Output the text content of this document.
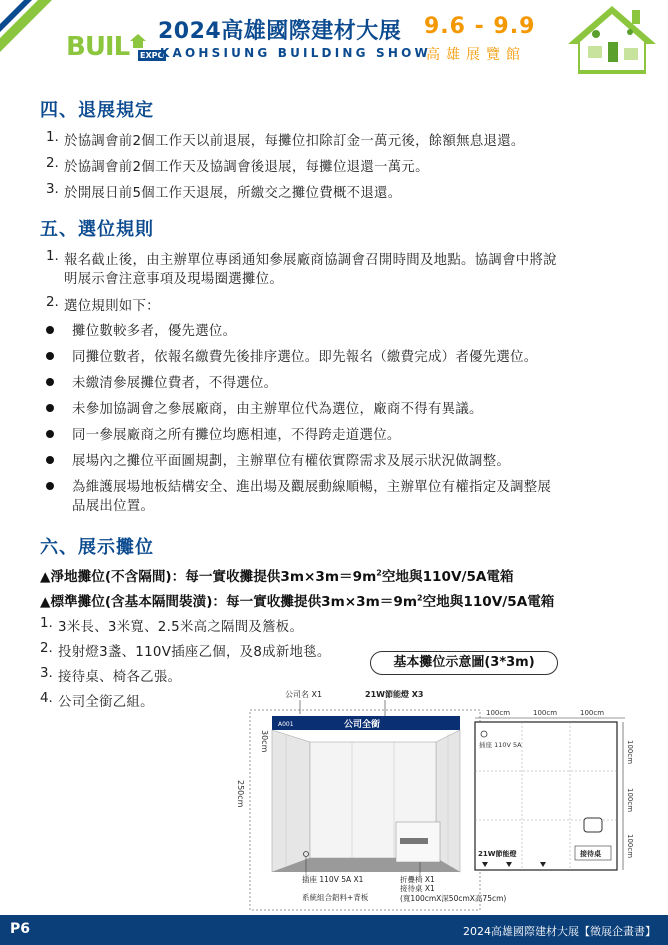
BUIL EXPO
2024高雄國際建材大展
KAOHSIUNG BUILDING SHOW
9.6 - 9.9
高雄展覽館
四、退展規定
1. 於協調會前2個工作天以前退展，每攤位扣除訂金一萬元後，餘額無息退還。
2. 於協調會前2個工作天及協調會後退展，每攤位退還一萬元。
3. 於開展日前5個工作天退展，所繳交之攤位費概不退還。
五、選位規則
1. 報名截止後，由主辦單位專函通知參展廠商協調會召開時間及地點。協調會中將說
明展示會注意事項及現場圈選攤位。
2. 選位規則如下：
攤位數較多者，優先選位。
同攤位數者，依報名繳費先後排序選位。即先報名（繳費完成）者優先選位。
未繳清參展攤位費者，不得選位。
未參加協調會之參展廠商，由主辦單位代為選位，廠商不得有異議。
同一參展廠商之所有攤位均應相連，不得跨走道選位。
展場內之攤位平面圖規劃，主辦單位有權依實際需求及展示狀況做調整。
為維護展場地板結構安全、進出場及觀展動線順暢，主辦單位有權指定及調整展
品展出位置。
六、展示攤位
▲淨地攤位(不含隔間)：每一實收攤提供$3m\times 3m=9m^2$空地與110V/5A電箱
▲標準攤位(含基本隔間裝潢)：每一實收攤提供$3m\times 3m=9m^2$空地與110V/5A電箱
1. 3米長、3米寬、2.5米高之隔間及簷板。
2. 投射燈3盞、110V插座乙個，及8成新地毯。
3. 接待桌、椅各乙張。
4. 公司全銜乙組。
基本攤位示意圖(3*3m)
公司名 X1	21W節能燈 X3
30cm
250cm
A001	公司全銜
插座 110V 5A X1
系統組合鋁料+背板
折疊椅 X1
接待桌 X1
(寬100cmX深50cmX高75cm)
100cm	100cm	100cm
100cm
100cm
100cm
插座 110V 5A
21W節能燈	接待桌
P6	2024高雄國際建材大展【徵展企畫書】
